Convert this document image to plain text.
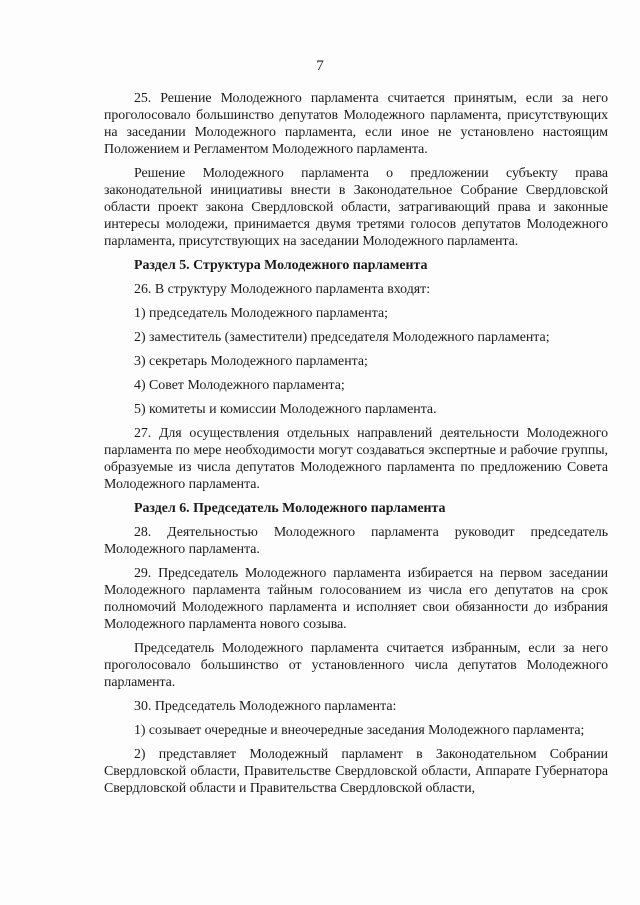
7

25. Решение Молодежного парламента считается принятым, если за него проголосовало большинство депутатов Молодежного парламента, присутствующих на заседании Молодежного парламента, если иное не установлено настоящим Положением и Регламентом Молодежного парламента.

Решение Молодежного парламента о предложении субъекту права законодательной инициативы внести в Законодательное Собрание Свердловской области проект закона Свердловской области, затрагивающий права и законные интересы молодежи, принимается двумя третями голосов депутатов Молодежного парламента, присутствующих на заседании Молодежного парламента.

Раздел 5. Структура Молодежного парламента

26. В структуру Молодежного парламента входят:

1) председатель Молодежного парламента;

2) заместитель (заместители) председателя Молодежного парламента;

3) секретарь Молодежного парламента;

4) Совет Молодежного парламента;

5) комитеты и комиссии Молодежного парламента.

27. Для осуществления отдельных направлений деятельности Молодежного парламента по мере необходимости могут создаваться экспертные и рабочие группы, образуемые из числа депутатов Молодежного парламента по предложению Совета Молодежного парламента.

Раздел 6. Председатель Молодежного парламента

28. Деятельностью Молодежного парламента руководит председатель Молодежного парламента.

29. Председатель Молодежного парламента избирается на первом заседании Молодежного парламента тайным голосованием из числа его депутатов на срок полномочий Молодежного парламента и исполняет свои обязанности до избрания Молодежного парламента нового созыва.

Председатель Молодежного парламента считается избранным, если за него проголосовало большинство от установленного числа депутатов Молодежного парламента.

30. Председатель Молодежного парламента:

1) созывает очередные и внеочередные заседания Молодежного парламента;

2) представляет Молодежный парламент в Законодательном Собрании Свердловской области, Правительстве Свердловской области, Аппарате Губернатора Свердловской области и Правительства Свердловской области,
